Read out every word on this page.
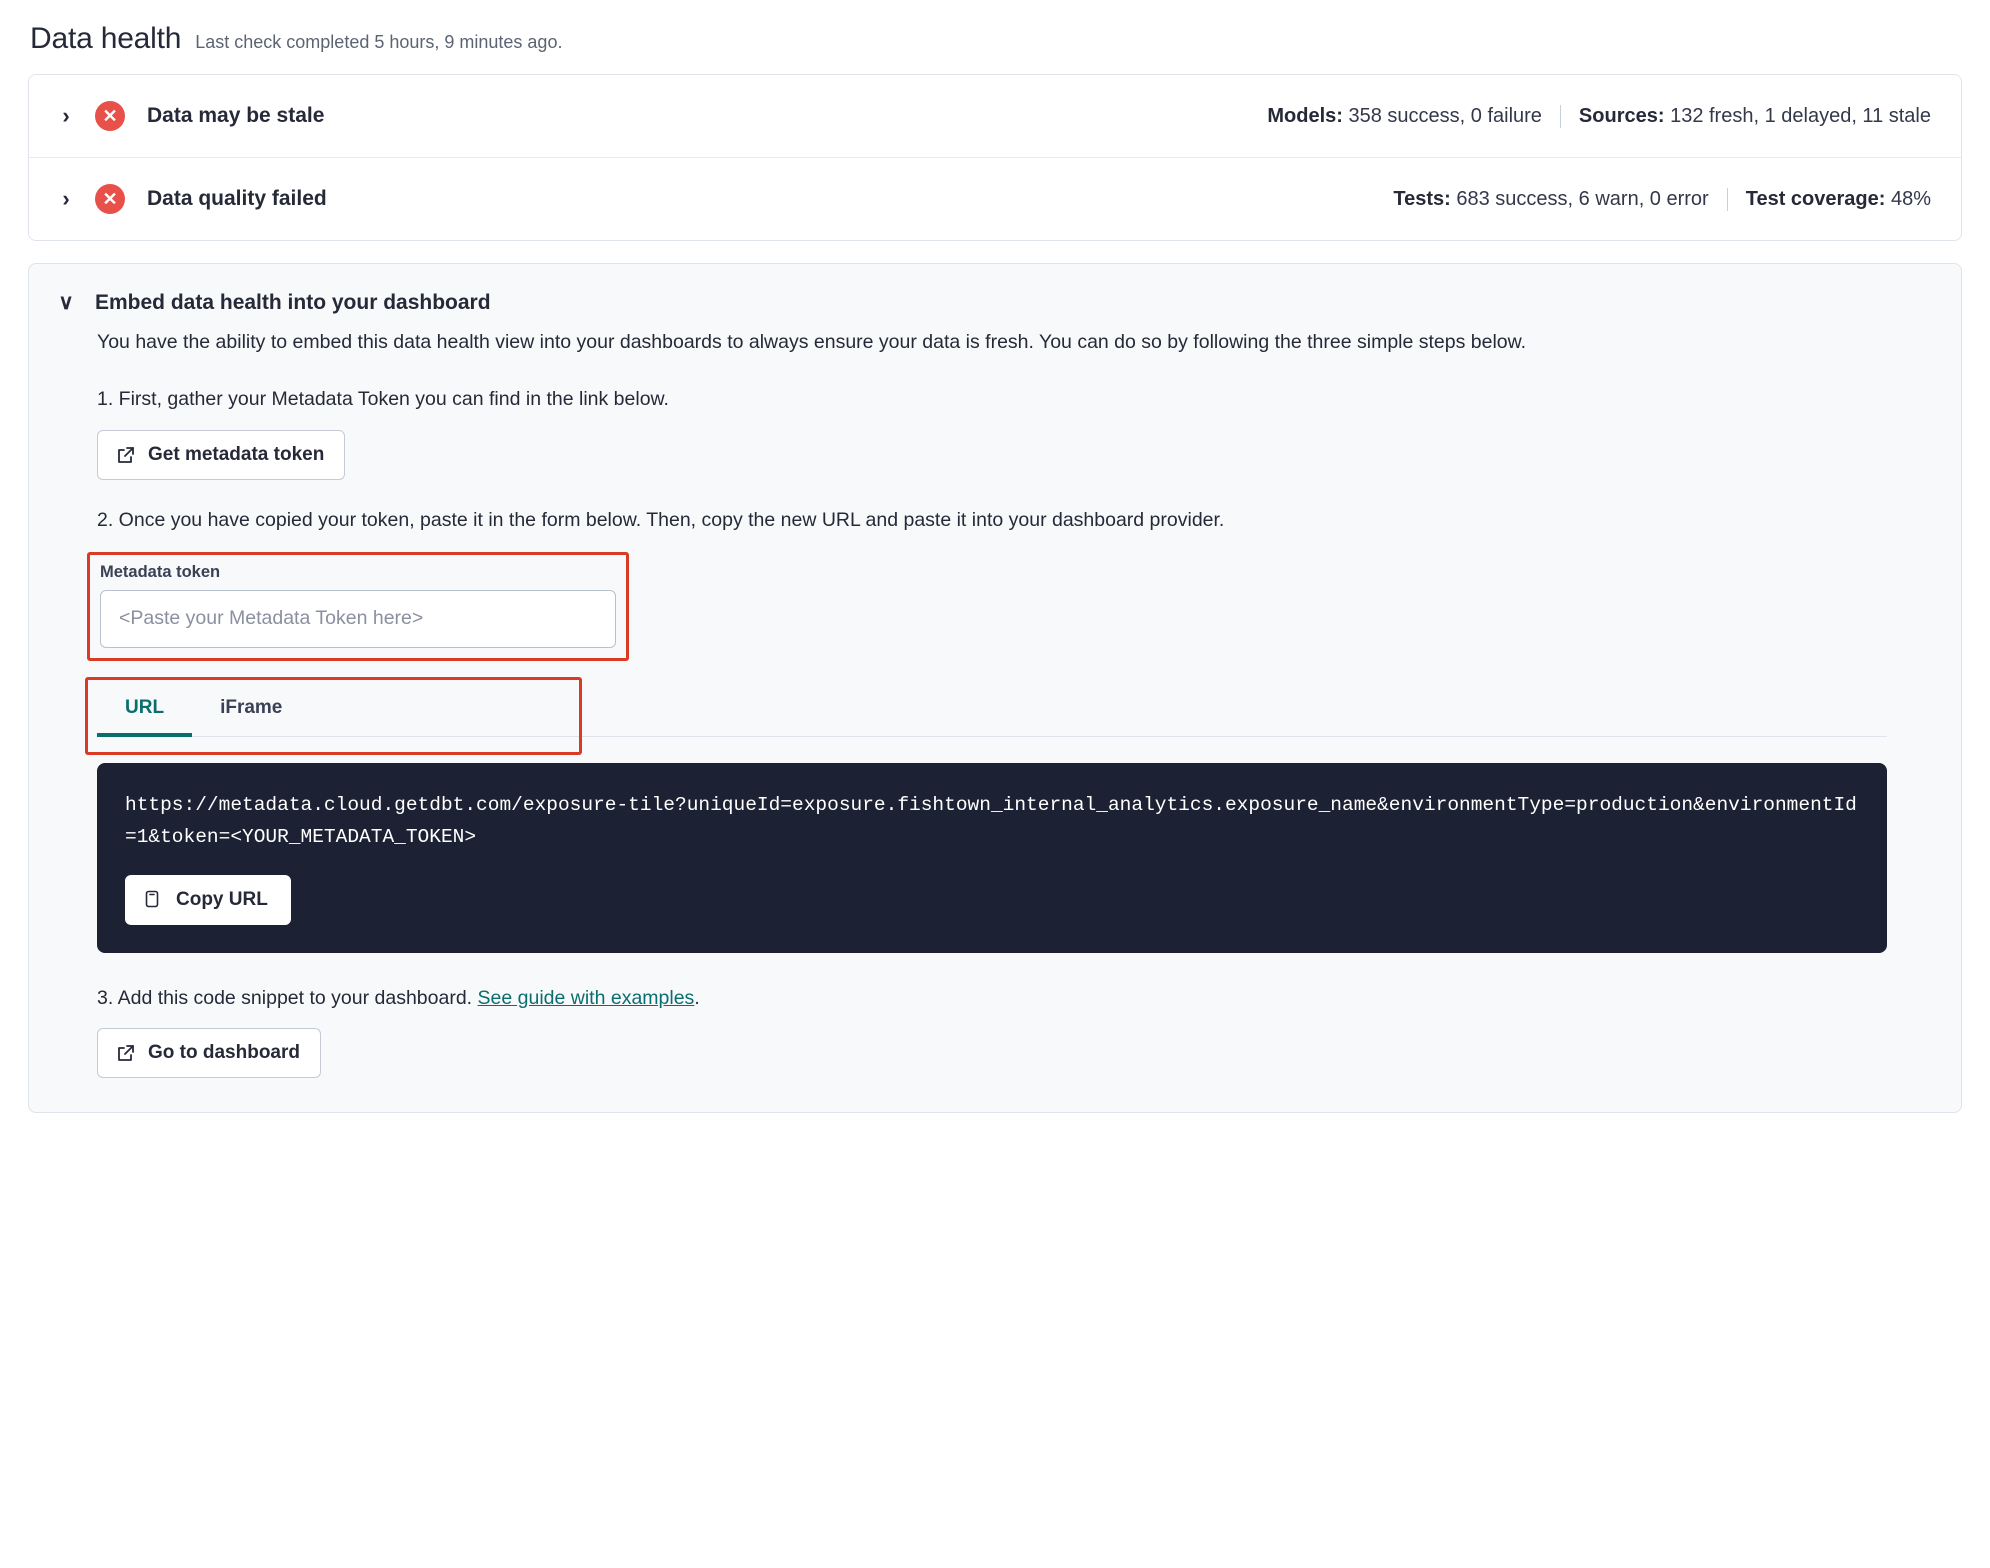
Data health Last check completed 5 hours, 9 minutes ago.
›	✕	Data may be stale	Models: 358 success, 0 failure	Sources: 132 fresh, 1 delayed, 11 stale
›	✕	Data quality failed	Tests: 683 success, 6 warn, 0 error	Test coverage: 48%
∨ Embed data health into your dashboard
You have the ability to embed this data health view into your dashboards to always ensure your data is fresh. You can do so by following the three simple steps below.
1. First, gather your Metadata Token you can find in the link below.
Get metadata token
2. Once you have copied your token, paste it in the form below. Then, copy the new URL and paste it into your dashboard provider.
Metadata token
<Paste your Metadata Token here>
URL	iFrame
https://metadata.cloud.getdbt.com/exposure-tile?uniqueId=exposure.fishtown_internal_analytics.exposure_name&environmentType=production&environmentId=1&token=<YOUR_METADATA_TOKEN>
Copy URL
3. Add this code snippet to your dashboard. See guide with examples.
Go to dashboard
